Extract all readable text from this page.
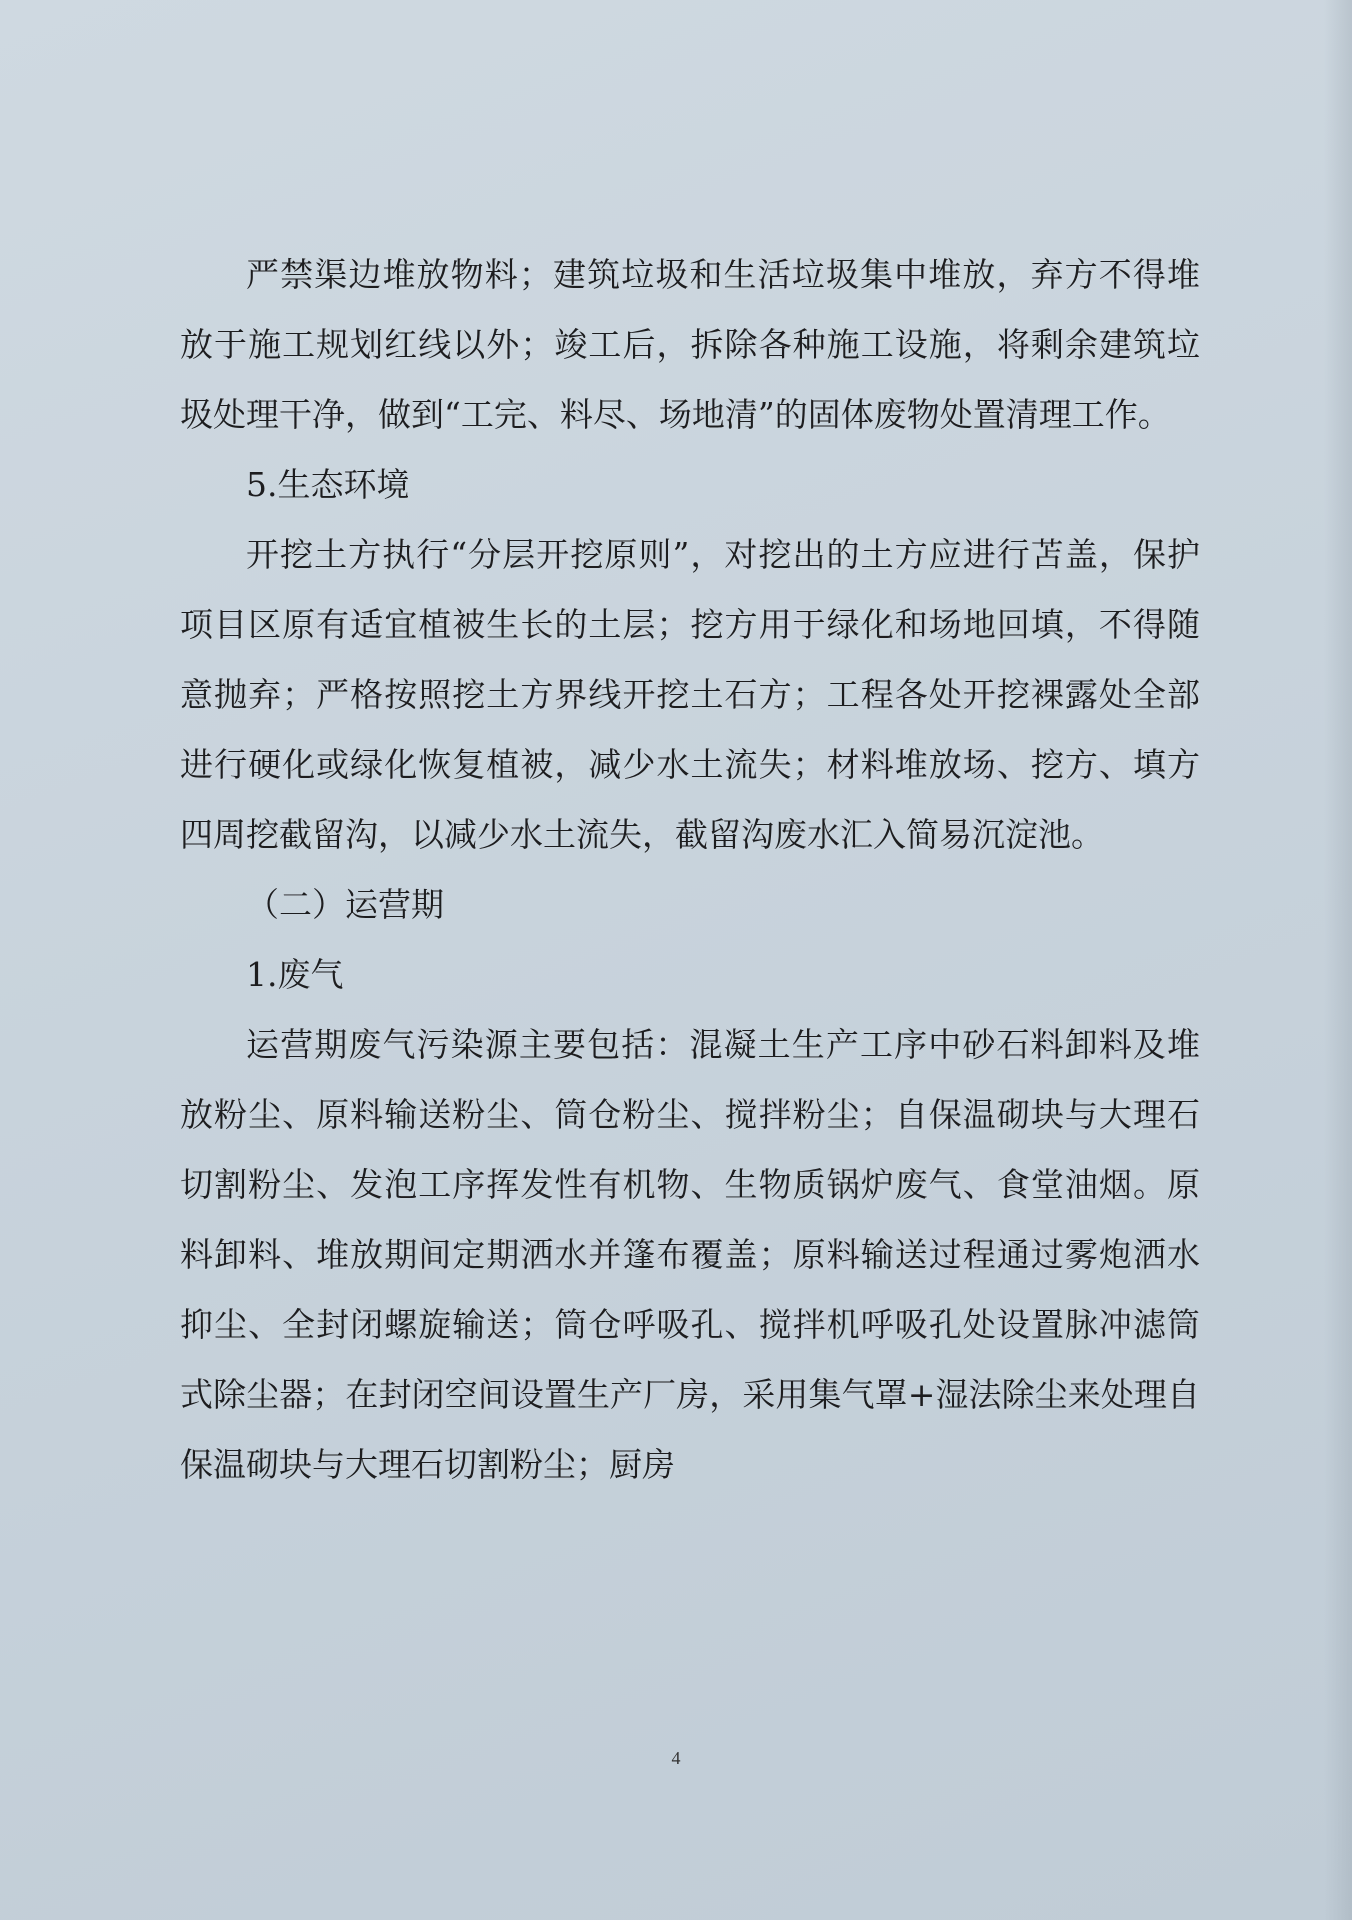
严禁渠边堆放物料；建筑垃圾和生活垃圾集中堆放，弃方不得堆放于施工规划红线以外；竣工后，拆除各种施工设施，将剩余建筑垃圾处理干净，做到“工完、料尽、场地清”的固体废物处置清理工作。

5.生态环境

开挖土方执行“分层开挖原则”，对挖出的土方应进行苫盖，保护项目区原有适宜植被生长的土层；挖方用于绿化和场地回填，不得随意抛弃；严格按照挖土方界线开挖土石方；工程各处开挖裸露处全部进行硬化或绿化恢复植被，减少水土流失；材料堆放场、挖方、填方四周挖截留沟，以减少水土流失，截留沟废水汇入简易沉淀池。

（二）运营期

1.废气

运营期废气污染源主要包括：混凝土生产工序中砂石料卸料及堆放粉尘、原料输送粉尘、筒仓粉尘、搅拌粉尘；自保温砌块与大理石切割粉尘、发泡工序挥发性有机物、生物质锅炉废气、食堂油烟。原料卸料、堆放期间定期洒水并篷布覆盖；原料输送过程通过雾炮洒水抑尘、全封闭螺旋输送；筒仓呼吸孔、搅拌机呼吸孔处设置脉冲滤筒式除尘器；在封闭空间设置生产厂房，采用集气罩+湿法除尘来处理自保温砌块与大理石切割粉尘；厨房

4
